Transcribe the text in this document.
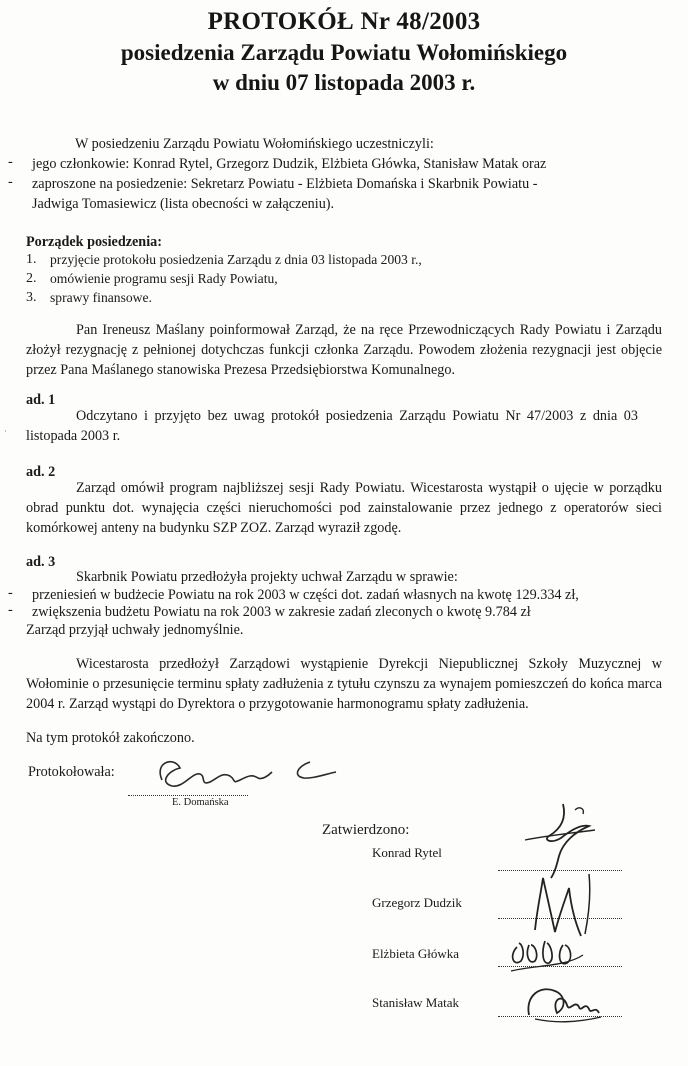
PROTOKÓŁ Nr 48/2003
posiedzenia Zarządu Powiatu Wołomińskiego
w dniu 07 listopada 2003 r.

W posiedzeniu Zarządu Powiatu Wołomińskiego uczestniczyli:

- jego członkowie: Konrad Rytel, Grzegorz Dudzik, Elżbieta Główka, Stanisław Matak oraz

- zaproszone na posiedzenie: Sekretarz Powiatu - Elżbieta Domańska i Skarbnik Powiatu -

Jadwiga Tomasiewicz (lista obecności w załączeniu).

Porządek posiedzenia:

1. przyjęcie protokołu posiedzenia Zarządu z dnia 03 listopada 2003 r.,

2. omówienie programu sesji Rady Powiatu,

3. sprawy finansowe.

Pan Ireneusz Maślany poinformował Zarząd, że na ręce Przewodniczących Rady Powiatu i Zarządu złożył rezygnację z pełnionej dotychczas funkcji członka Zarządu. Powodem złożenia rezygnacji jest objęcie przez Pana Maślanego stanowiska Prezesa Przedsiębiorstwa Komunalnego.

ad. 1

Odczytano i przyjęto bez uwag protokół posiedzenia Zarządu Powiatu Nr 47/2003 z dnia 03 listopada 2003 r.

ad. 2

Zarząd omówił program najbliższej sesji Rady Powiatu. Wicestarosta wystąpił o ujęcie w porządku obrad punktu dot. wynajęcia części nieruchomości pod zainstalowanie przez jednego z operatorów sieci komórkowej anteny na budynku SZP ZOZ. Zarząd wyraził zgodę.

ad. 3

Skarbnik Powiatu przedłożyła projekty uchwał Zarządu w sprawie:

- przeniesień w budżecie Powiatu na rok 2003 w części dot. zadań własnych na kwotę 129.334 zł,

- zwiększenia budżetu Powiatu na rok 2003 w zakresie zadań zleconych o kwotę 9.784 zł

Zarząd przyjął uchwały jednomyślnie.

Wicestarosta przedłożył Zarządowi wystąpienie Dyrekcji Niepublicznej Szkoły Muzycznej w Wołominie o przesunięcie terminu spłaty zadłużenia z tytułu czynszu za wynajem pomieszczeń do końca marca 2004 r. Zarząd wystąpi do Dyrektora o przygotowanie harmonogramu spłaty zadłużenia.

Na tym protokół zakończono.

Protokołowała:

E. Domańska

Zatwierdzono:

Konrad Rytel

Grzegorz Dudzik

Elżbieta Główka

Stanisław Matak

·
